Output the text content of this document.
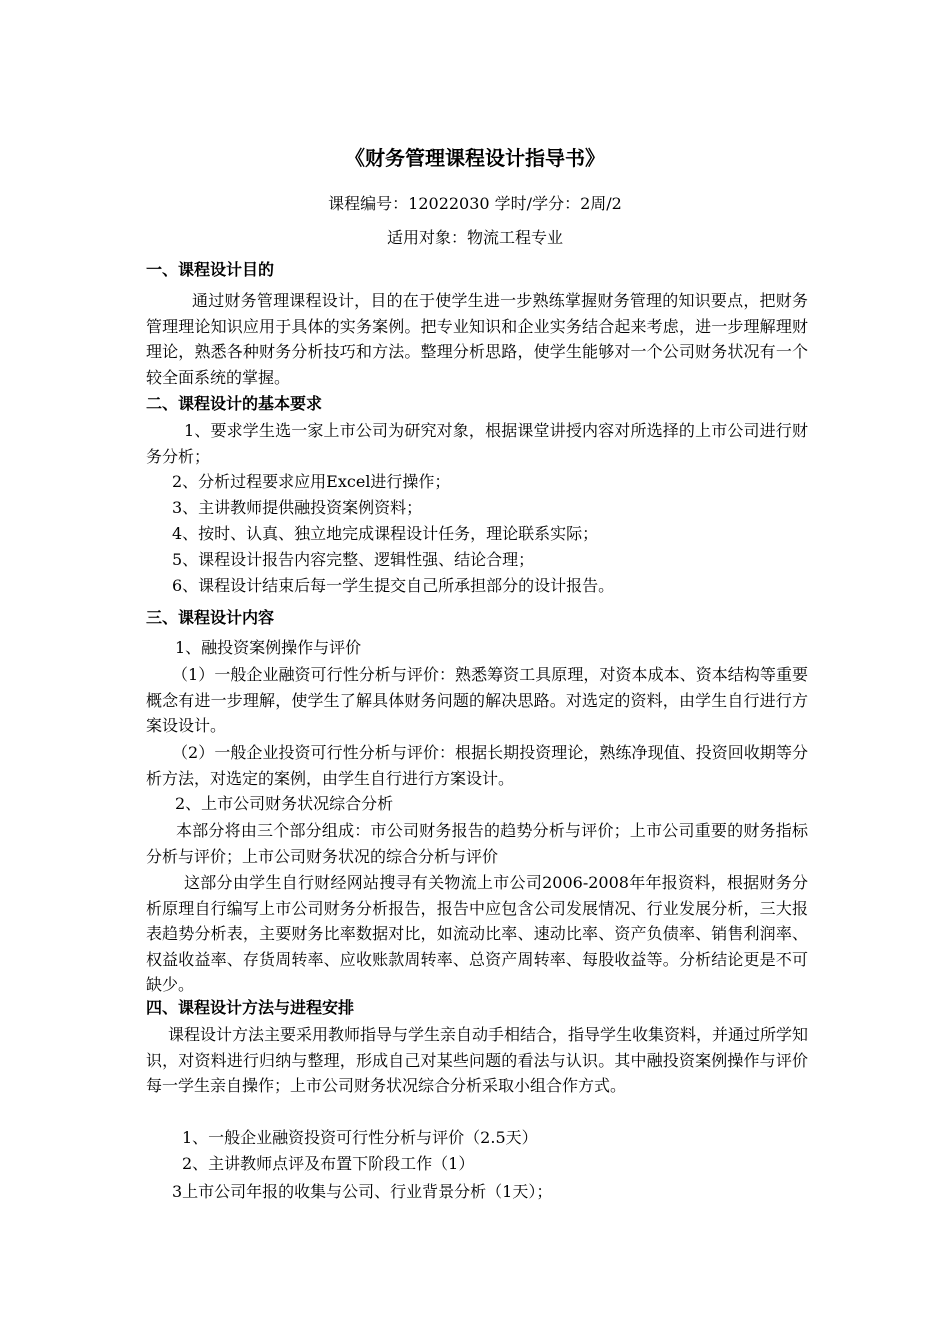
《财务管理课程设计指导书》
课程编号：12022030 学时/学分：2周/2
适用对象：物流工程专业
一、课程设计目的
通过财务管理课程设计，目的在于使学生进一步熟练掌握财务管理的知识要点，把财务管理理论知识应用于具体的实务案例。把专业知识和企业实务结合起来考虑，进一步理解理财理论，熟悉各种财务分析技巧和方法。整理分析思路，使学生能够对一个公司财务状况有一个较全面系统的掌握。
二、课程设计的基本要求
1、要求学生选一家上市公司为研究对象，根据课堂讲授内容对所选择的上市公司进行财务分析；
2、分析过程要求应用Excel进行操作；
3、主讲教师提供融投资案例资料；
4、按时、认真、独立地完成课程设计任务，理论联系实际；
5、课程设计报告内容完整、逻辑性强、结论合理；
6、课程设计结束后每一学生提交自己所承担部分的设计报告。
三、课程设计内容
1、融投资案例操作与评价
（1）一般企业融资可行性分析与评价：熟悉筹资工具原理，对资本成本、资本结构等重要概念有进一步理解，使学生了解具体财务问题的解决思路。对选定的资料，由学生自行进行方案设设计。
（2）一般企业投资可行性分析与评价：根据长期投资理论，熟练净现值、投资回收期等分析方法，对选定的案例，由学生自行进行方案设计。
2、上市公司财务状况综合分析
本部分将由三个部分组成：市公司财务报告的趋势分析与评价；上市公司重要的财务指标分析与评价；上市公司财务状况的综合分析与评价
这部分由学生自行财经网站搜寻有关物流上市公司2006-2008年年报资料，根据财务分析原理自行编写上市公司财务分析报告，报告中应包含公司发展情况、行业发展分析，三大报表趋势分析表，主要财务比率数据对比，如流动比率、速动比率、资产负债率、销售利润率、权益收益率、存货周转率、应收账款周转率、总资产周转率、每股收益等。分析结论更是不可缺少。
四、课程设计方法与进程安排
课程设计方法主要采用教师指导与学生亲自动手相结合，指导学生收集资料，并通过所学知识，对资料进行归纳与整理，形成自己对某些问题的看法与认识。其中融投资案例操作与评价每一学生亲自操作；上市公司财务状况综合分析采取小组合作方式。
1、一般企业融资投资可行性分析与评价（2.5天）
2、主讲教师点评及布置下阶段工作（1）
3上市公司年报的收集与公司、行业背景分析（1天）；
